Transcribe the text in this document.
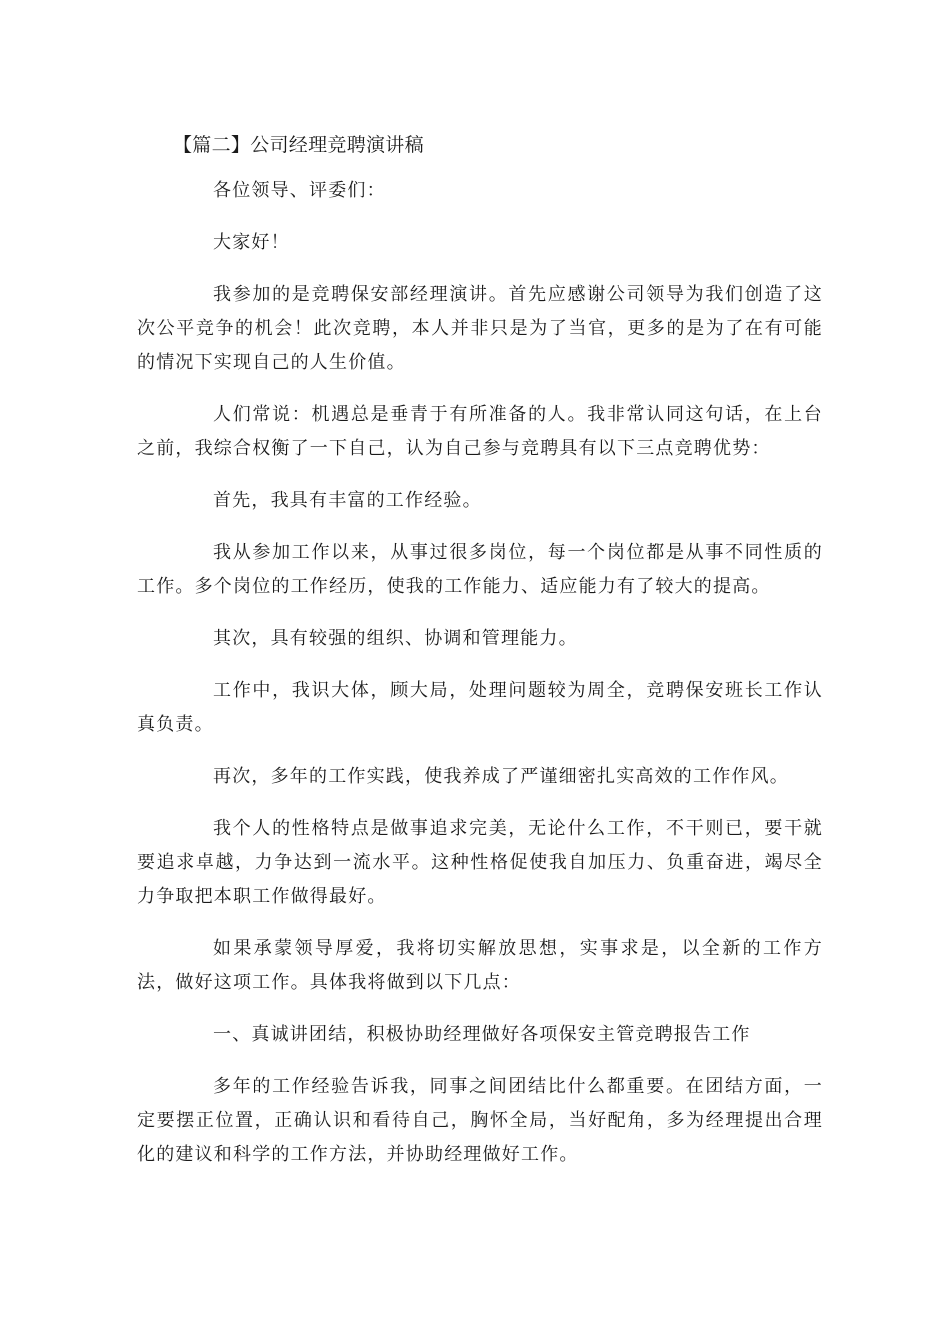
【篇二】公司经理竞聘演讲稿

各位领导、评委们：

大家好！

我参加的是竞聘保安部经理演讲。首先应感谢公司领导为我们创造了这次公平竞争的机会！此次竞聘，本人并非只是为了当官，更多的是为了在有可能的情况下实现自己的人生价值。

人们常说：机遇总是垂青于有所准备的人。我非常认同这句话，在上台之前，我综合权衡了一下自己，认为自己参与竞聘具有以下三点竞聘优势：

首先，我具有丰富的工作经验。

我从参加工作以来，从事过很多岗位，每一个岗位都是从事不同性质的工作。多个岗位的工作经历，使我的工作能力、适应能力有了较大的提高。

其次，具有较强的组织、协调和管理能力。

工作中，我识大体，顾大局，处理问题较为周全，竞聘保安班长工作认真负责。

再次，多年的工作实践，使我养成了严谨细密扎实高效的工作作风。

我个人的性格特点是做事追求完美，无论什么工作，不干则已，要干就要追求卓越，力争达到一流水平。这种性格促使我自加压力、负重奋进，竭尽全力争取把本职工作做得最好。

如果承蒙领导厚爱，我将切实解放思想，实事求是，以全新的工作方法，做好这项工作。具体我将做到以下几点：

一、真诚讲团结，积极协助经理做好各项保安主管竞聘报告工作

多年的工作经验告诉我，同事之间团结比什么都重要。在团结方面，一定要摆正位置，正确认识和看待自己，胸怀全局，当好配角，多为经理提出合理化的建议和科学的工作方法，并协助经理做好工作。
